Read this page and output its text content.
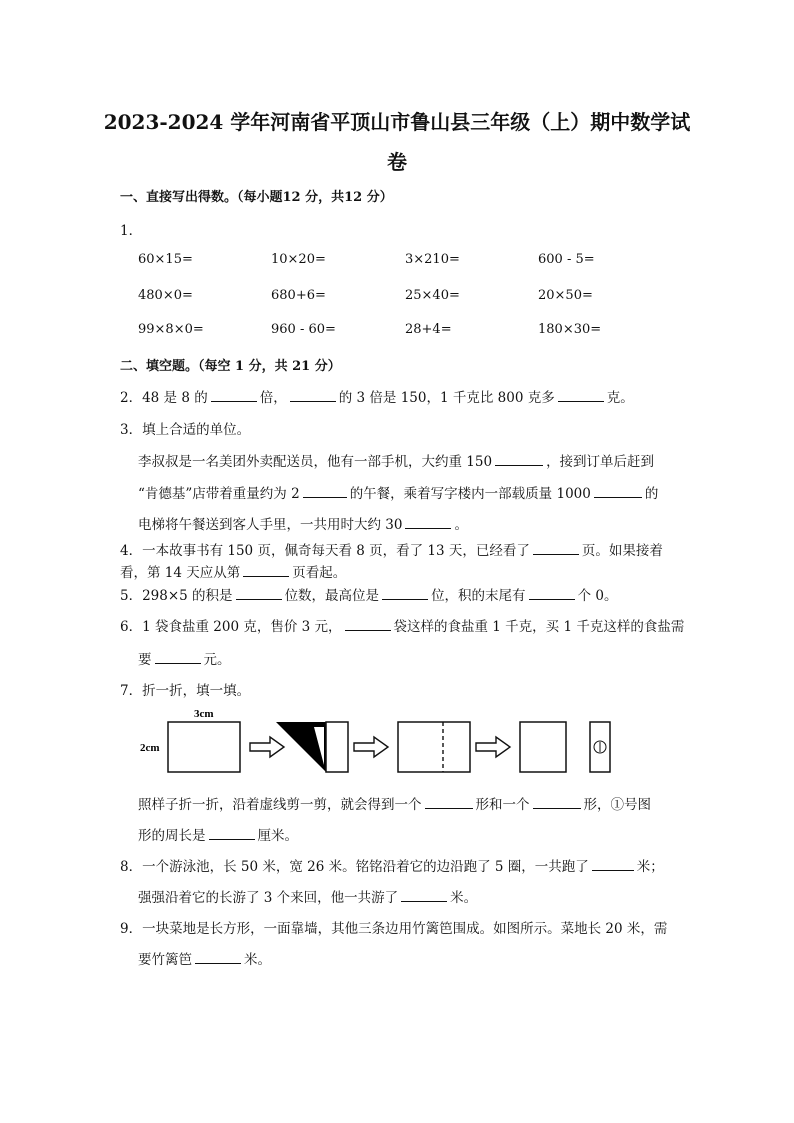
2023-2024 学年河南省平顶山市鲁山县三年级（上）期中数学试
卷
一、直接写出得数。（每小题12 分，共12 分）
1．
60×15=	10×20=	3×210=	600 - 5=
480×0=	680+6=	25×40=	20×50=
99×8×0=	960 - 60=	28+4=	180×30=
二、填空题。（每空 1 分，共 21 分）
2．48 是 8 的	倍，	的 3 倍是 150，1 千克比 800 克多	克。
3．填上合适的单位。
李叔叔是一名美团外卖配送员，他有一部手机，大约重 150	，接到订单后赶到
“肯德基”店带着重量约为 2	的午餐，乘着写字楼内一部载质量 1000	的
电梯将午餐送到客人手里，一共用时大约 30	。
4．一本故事书有 150 页，佩奇每天看 8 页，看了 13 天，已经看了	页。如果接着
看，第 14 天应从第	页看起。
5．298×5 的积是	位数，最高位是	位，积的末尾有	个 0。
6．1 袋食盐重 200 克，售价 3 元，	袋这样的食盐重 1 千克，买 1 千克这样的食盐需
要	元。
7．折一折，填一填。
3cm
2cm
照样子折一折，沿着虚线剪一剪，就会得到一个	形和一个	形，①号图
形的周长是	厘米。
8．一个游泳池，长 50 米，宽 26 米。铭铭沿着它的边沿跑了 5 圈，一共跑了	米；
强强沿着它的长游了 3 个来回，他一共游了	米。
9．一块菜地是长方形，一面靠墙，其他三条边用竹篱笆围成。如图所示。菜地长 20 米，需
要竹篱笆	米。
